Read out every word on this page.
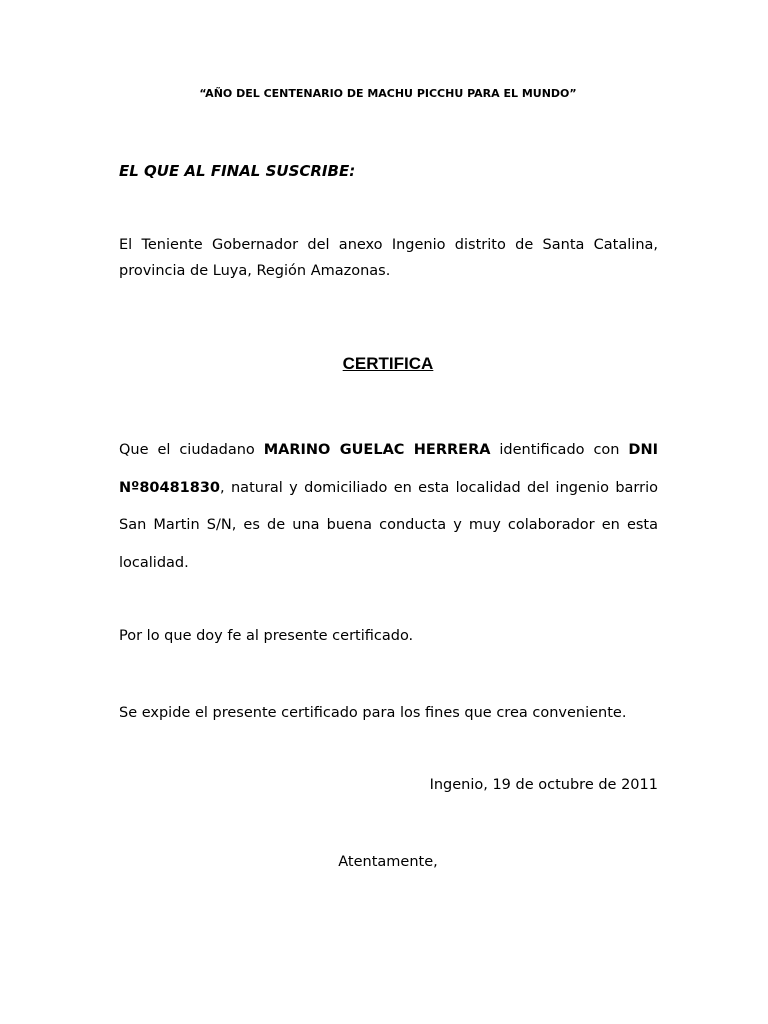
“AÑO DEL CENTENARIO DE MACHU PICCHU PARA EL MUNDO”
EL QUE AL FINAL SUSCRIBE:
El Teniente Gobernador del anexo Ingenio distrito de Santa Catalina, provincia de Luya, Región Amazonas.
CERTIFICA
Que el ciudadano MARINO GUELAC HERRERA identificado con DNI Nº80481830, natural y domiciliado en esta localidad del ingenio barrio San Martin S/N, es de una buena conducta y muy colaborador en esta localidad.
Por lo que doy fe al presente certificado.
Se expide el presente certificado para los fines que crea conveniente.
Ingenio, 19 de octubre de 2011
Atentamente,
